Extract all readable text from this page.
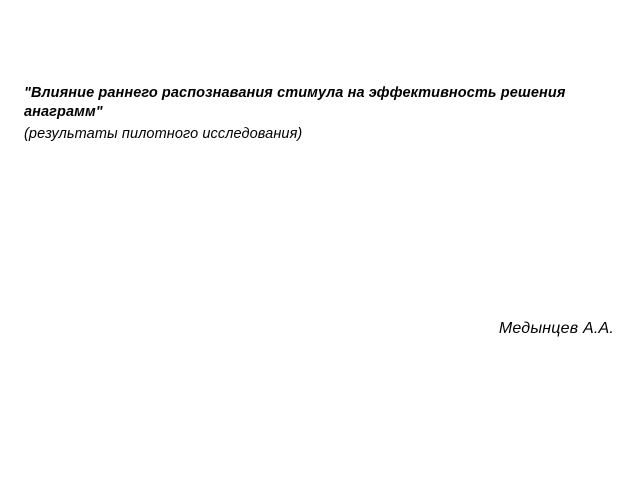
"Влияние раннего распознавания стимула на эффективность решения анаграмм"
(результаты пилотного исследования)
Медынцев А.А.
